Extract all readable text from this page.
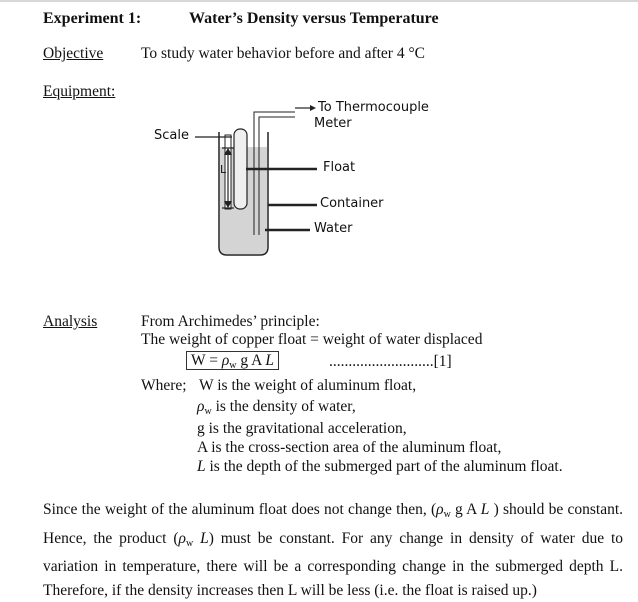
Experiment 1:	Water’s Density versus Temperature
Objective To study water behavior before and after 4 °C
Equipment:
Scale
To Thermocouple
Meter
Float
Container
Water
L
Analysis	From Archimedes’ principle:
The weight of copper float = weight of water displaced
$W = \rho_w$ g A L	...........................[1]
Where; W is the weight of aluminum float,
$\rho_w$ is the density of water,
g is the gravitational acceleration,
A is the cross-section area of the aluminum float,
L is the depth of the submerged part of the aluminum float.
Since the weight of the aluminum float does not change then, ($\rho_w$ g A L ) should be constant. Hence, the product ($\rho_w$ L) must be constant. For any change in density of water due to variation in temperature, there will be a corresponding change in the submerged depth L. Therefore, if the density increases then L will be less (i.e. the float is raised up.)
